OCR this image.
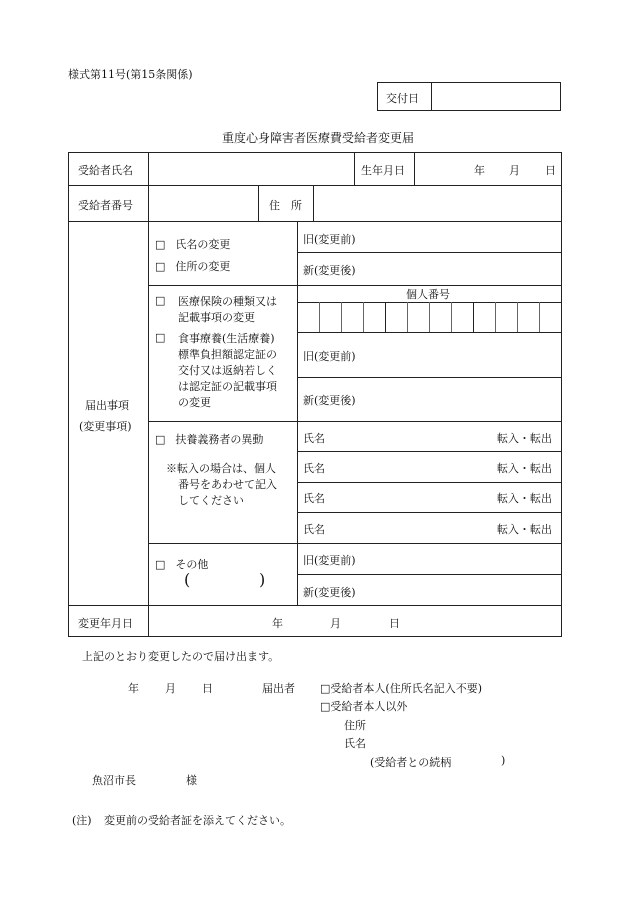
様式第11号(第15条関係)
交付日
重度心身障害者医療費受給者変更届
受給者氏名	生年月日	年 月 日
受給者番号	住　所
届出事項
(変更事項)
□ 氏名の変更
□ 住所の変更
旧(変更前)
新(変更後)
□
医療保険の種類又は
記載事項の変更
□
食事療養(生活療養)
標準負担額認定証の
交付又は返納若しく
は認定証の記載事項
の変更
個人番号
旧(変更前)
新(変更後)
□ 扶養義務者の異動
※転入の場合は、個人
番号をあわせて記入
してください
氏名	転入・転出
氏名	転入・転出
氏名	転入・転出
氏名	転入・転出
□ その他
(	)
旧(変更前)
新(変更後)
変更年月日	年	月	日
上記のとおり変更したので届け出ます。
年 月 日	届出者
□	受給者本人(住所氏名記入不要)
□ 受給者本人以外
住所
氏名
(受給者との続柄	)
魚沼市長	様
(注) 変更前の受給者証を添えてください。
